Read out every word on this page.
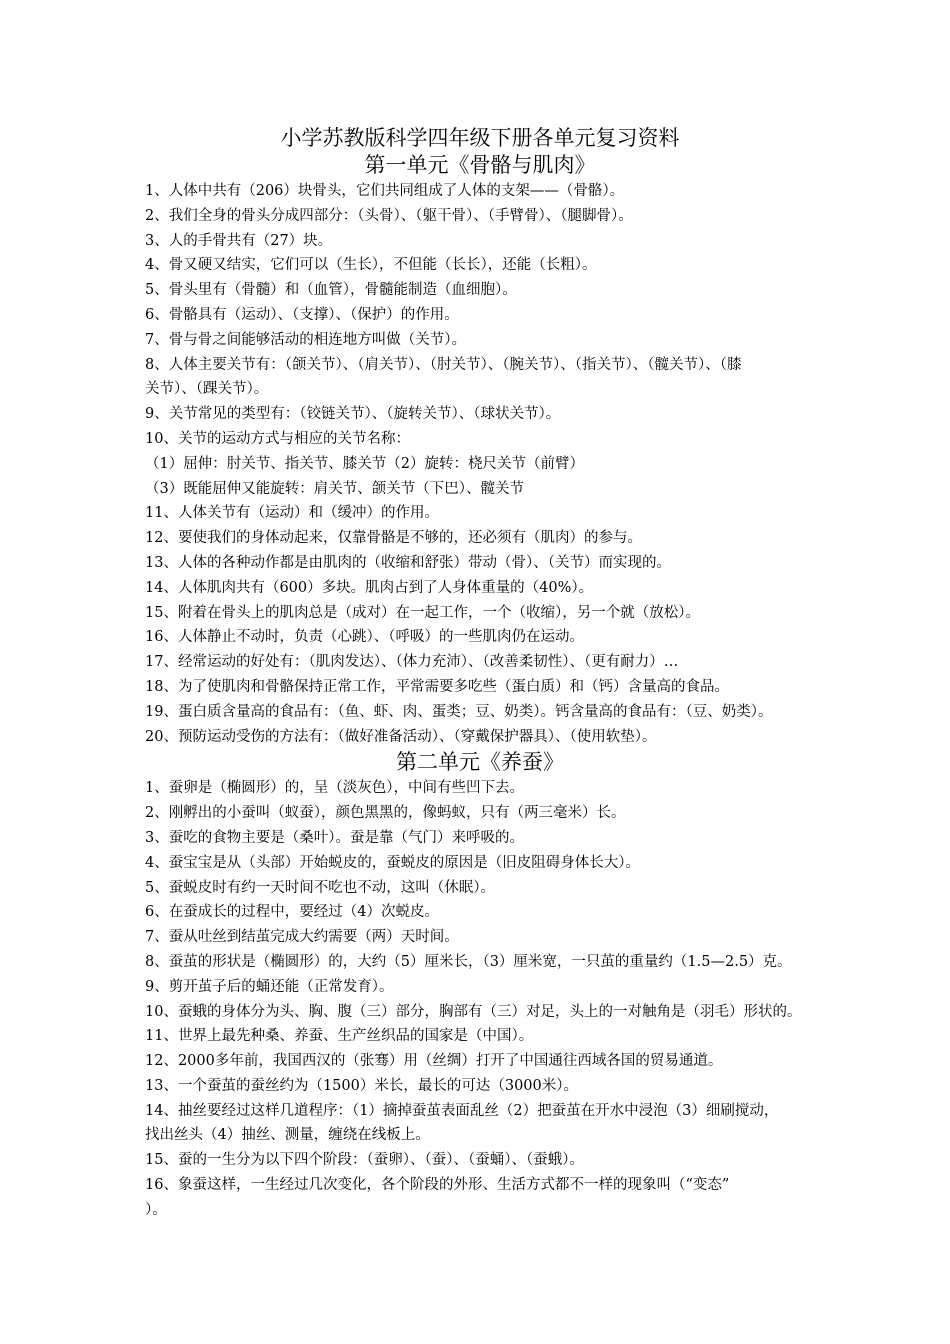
小学苏教版科学四年级下册各单元复习资料
第一单元《骨骼与肌肉》
1、人体中共有（206）块骨头，它们共同组成了人体的支架——（骨骼）。
2、我们全身的骨头分成四部分：（头骨）、（躯干骨）、（手臂骨）、（腿脚骨）。
3、人的手骨共有（27）块。
4、骨又硬又结实，它们可以（生长），不但能（长长），还能（长粗）。
5、骨头里有（骨髓）和（血管），骨髓能制造（血细胞）。
6、骨骼具有（运动）、（支撑）、（保护）的作用。
7、骨与骨之间能够活动的相连地方叫做（关节）。
8、人体主要关节有：（颌关节）、（肩关节）、（肘关节）、（腕关节）、（指关节）、（髋关节）、（膝
关节）、（踝关节）。
9、关节常见的类型有：（铰链关节）、（旋转关节）、（球状关节）。
10、关节的运动方式与相应的关节名称：
（1）屈伸：肘关节、指关节、膝关节（2）旋转：桡尺关节（前臂）
（3）既能屈伸又能旋转：肩关节、颌关节（下巴）、髋关节
11、人体关节有（运动）和（缓冲）的作用。
12、要使我们的身体动起来，仅靠骨骼是不够的，还必须有（肌肉）的参与。
13、人体的各种动作都是由肌肉的（收缩和舒张）带动（骨）、（关节）而实现的。
14、人体肌肉共有（600）多块。肌肉占到了人身体重量的（40%）。
15、附着在骨头上的肌肉总是（成对）在一起工作，一个（收缩），另一个就（放松）。
16、人体静止不动时，负责（心跳）、（呼吸）的一些肌肉仍在运动。
17、经常运动的好处有：（肌肉发达）、（体力充沛）、（改善柔韧性）、（更有耐力）…
18、为了使肌肉和骨骼保持正常工作，平常需要多吃些（蛋白质）和（钙）含量高的食品。
19、蛋白质含量高的食品有：（鱼、虾、肉、蛋类；豆、奶类）。钙含量高的食品有：（豆、奶类）。
20、预防运动受伤的方法有：（做好准备活动）、（穿戴保护器具）、（使用软垫）。
第二单元《养蚕》
1、蚕卵是（椭圆形）的，呈（淡灰色），中间有些凹下去。
2、刚孵出的小蚕叫（蚁蚕），颜色黑黑的，像蚂蚁，只有（两三毫米）长。
3、蚕吃的食物主要是（桑叶）。蚕是靠（气门）来呼吸的。
4、蚕宝宝是从（头部）开始蜕皮的，蚕蜕皮的原因是（旧皮阻碍身体长大）。
5、蚕蜕皮时有约一天时间不吃也不动，这叫（休眠）。
6、在蚕成长的过程中，要经过（4）次蜕皮。
7、蚕从吐丝到结茧完成大约需要（两）天时间。
8、蚕茧的形状是（椭圆形）的，大约（5）厘米长，（3）厘米宽，一只茧的重量约（1.5—2.5）克。
9、剪开茧子后的蛹还能（正常发育）。
10、蚕蛾的身体分为头、胸、腹（三）部分，胸部有（三）对足，头上的一对触角是（羽毛）形状的。
11、世界上最先种桑、养蚕、生产丝织品的国家是（中国）。
12、2000多年前，我国西汉的（张骞）用（丝绸）打开了中国通往西域各国的贸易通道。
13、一个蚕茧的蚕丝约为（1500）米长，最长的可达（3000米）。
14、抽丝要经过这样几道程序：（1）摘掉蚕茧表面乱丝（2）把蚕茧在开水中浸泡（3）细刷搅动，
找出丝头（4）抽丝、测量，缠绕在线板上。
15、蚕的一生分为以下四个阶段：（蚕卵）、（蚕）、（蚕蛹）、（蚕蛾）。
16、象蚕这样，一生经过几次变化，各个阶段的外形、生活方式都不一样的现象叫（“变态”
）。
